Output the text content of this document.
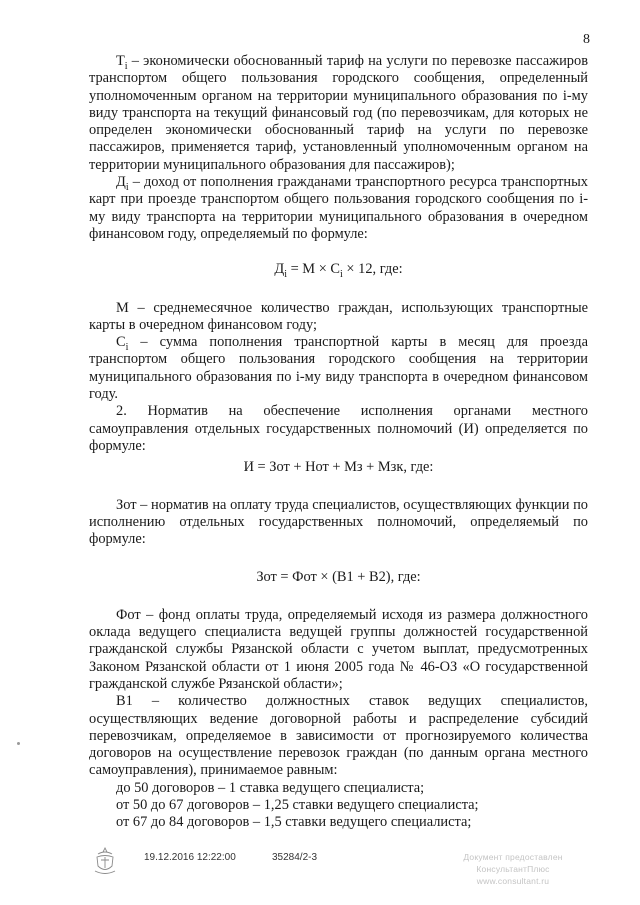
8

$T_i$ – экономически обоснованный тариф на услуги по перевозке пассажиров транспортом общего пользования городского сообщения, определенный уполномоченным органом на территории муниципального образования по i-му виду транспорта на текущий финансовый год (по перевозчикам, для которых не определен экономически обоснованный тариф на услуги по перевозке пассажиров, применяется тариф, установленный уполномоченным органом на территории муниципального образования для пассажиров);

$Д_i$ – доход от пополнения гражданами транспортного ресурса транспортных карт при проезде транспортом общего пользования городского сообщения по i-му виду транспорта на территории муниципального образования в очередном финансовом году, определяемый по формуле:

$Д_i = M \times C_i \times 12$, где:

М – среднемесячное количество граждан, использующих транспортные карты в очередном финансовом году;

$C_i$ – сумма пополнения транспортной карты в месяц для проезда транспортом общего пользования городского сообщения на территории муниципального образования по i-му виду транспорта в очередном финансовом году.

2. Норматив на обеспечение исполнения органами местного самоуправления отдельных государственных полномочий (И) определяется по формуле:

И = Зот + Нот + Мз + Мзк, где:

Зот – норматив на оплату труда специалистов, осуществляющих функции по исполнению отдельных государственных полномочий, определяемый по формуле:

Зот = Фот × (В1 + В2), где:

Фот – фонд оплаты труда, определяемый исходя из размера должностного оклада ведущего специалиста ведущей группы должностей государственной гражданской службы Рязанской области с учетом выплат, предусмотренных Законом Рязанской области от 1 июня 2005 года № 46-ОЗ «О государственной гражданской службе Рязанской области»;

В1 – количество должностных ставок ведущих специалистов, осуществляющих ведение договорной работы и распределение субсидий перевозчикам, определяемое в зависимости от прогнозируемого количества договоров на осуществление перевозок граждан (по данным органа местного самоуправления), принимаемое равным:

до 50 договоров – 1 ставка ведущего специалиста;

от 50 до 67 договоров – 1,25 ставки ведущего специалиста;

от 67 до 84 договоров – 1,5 ставки ведущего специалиста;

19.12.2016 12:22:00	35284/2-3	Документ предоставлен КонсультантПлюс
www.consultant.ru
